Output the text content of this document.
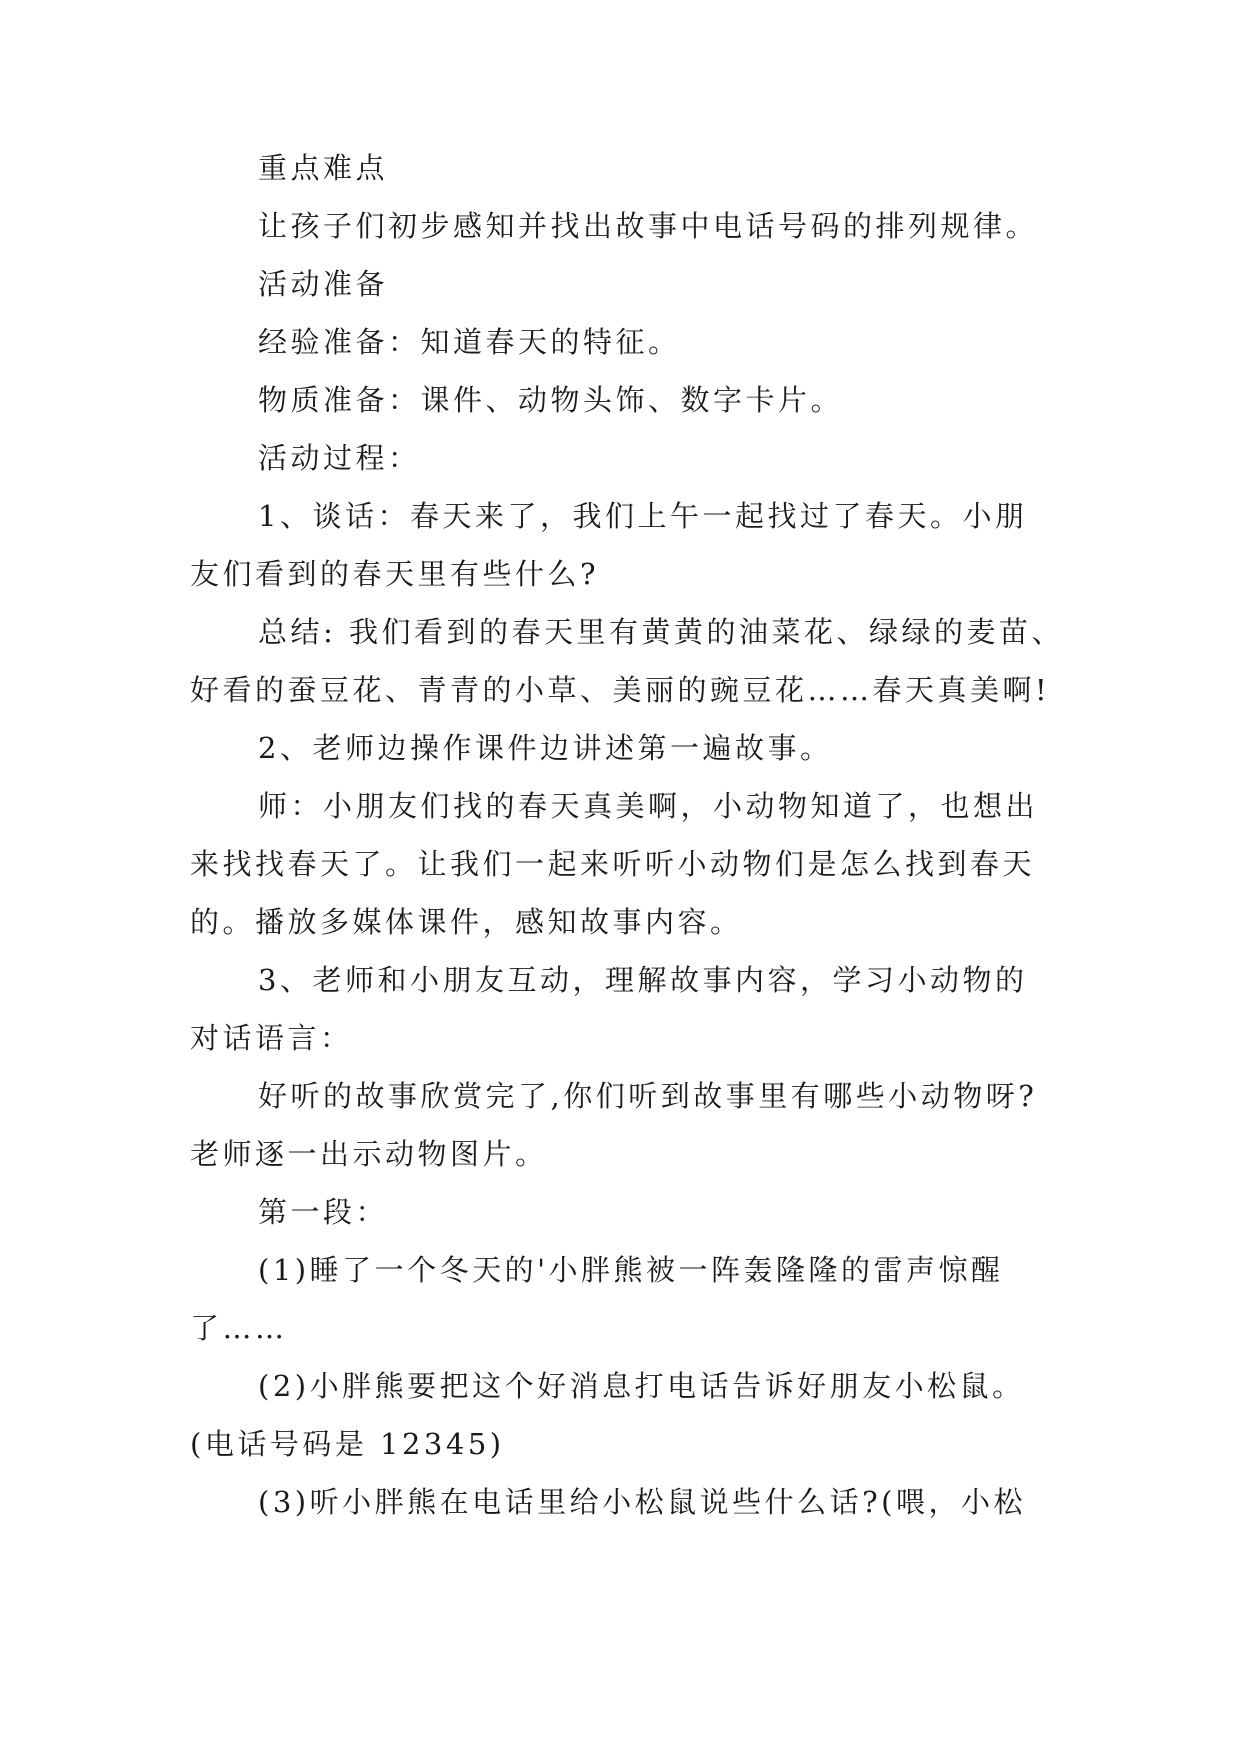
重点难点

让孩子们初步感知并找出故事中电话号码的排列规律。

活动准备

经验准备：知道春天的特征。

物质准备：课件、动物头饰、数字卡片。

活动过程：

1、谈话：春天来了，我们上午一起找过了春天。小朋

友们看到的春天里有些什么?

总结: 我们看到的春天里有黄黄的油菜花、绿绿的麦苗、

好看的蚕豆花、青青的小草、美丽的豌豆花……春天真美啊!

2、老师边操作课件边讲述第一遍故事。

师：小朋友们找的春天真美啊，小动物知道了，也想出

来找找春天了。让我们一起来听听小动物们是怎么找到春天

的。播放多媒体课件，感知故事内容。

3、老师和小朋友互动，理解故事内容，学习小动物的

对话语言：

好听的故事欣赏完了,你们听到故事里有哪些小动物呀?

老师逐一出示动物图片。

第一段：

(1)睡了一个冬天的'小胖熊被一阵轰隆隆的雷声惊醒

了……

(2)小胖熊要把这个好消息打电话告诉好朋友小松鼠。

(电话号码是 12345)

(3)听小胖熊在电话里给小松鼠说些什么话?(喂，小松
